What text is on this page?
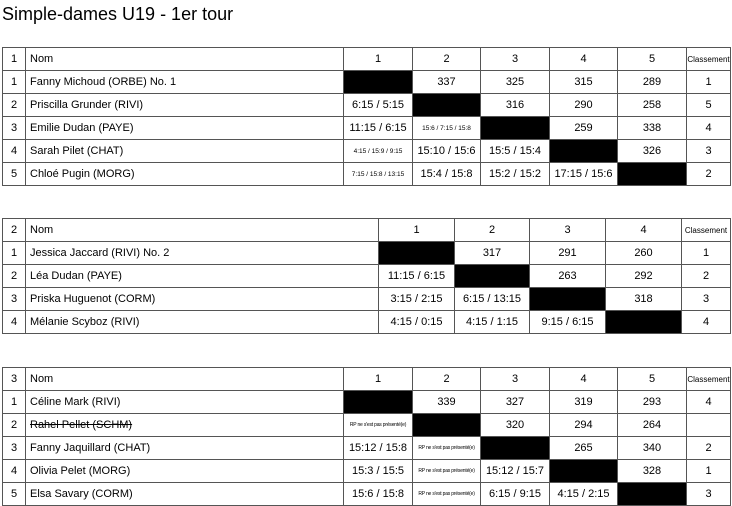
Simple-dames U19 - 1er tour
1	Nom	1	2	3	4	5	Classement
1	Fanny Michoud (ORBE) No. 1		337	325	315	289	1
2	Priscilla Grunder (RIVI)	6:15 / 5:15		316	290	258	5
3	Emilie Dudan (PAYE)	11:15 / 6:15	15:6 / 7:15 / 15:8		259	338	4
4	Sarah Pilet (CHAT)	4:15 / 15:9 / 9:15	15:10 / 15:6	15:5 / 15:4		326	3
5	Chloé Pugin (MORG)	7:15 / 15:8 / 13:15	15:4 / 15:8	15:2 / 15:2	17:15 / 15:6		2
2	Nom	1	2	3	4	Classement
1	Jessica Jaccard (RIVI) No. 2		317	291	260	1
2	Léa Dudan (PAYE)	11:15 / 6:15		263	292	2
3	Priska Huguenot (CORM)	3:15 / 2:15	6:15 / 13:15		318	3
4	Mélanie Scyboz (RIVI)	4:15 / 0:15	4:15 / 1:15	9:15 / 6:15		4
3	Nom	1	2	3	4	5	Classement
1	Céline Mark (RIVI)		339	327	319	293	4
2	Rahel Pellet (SCHM)	RP ne s'est pas présenté(e)		320	294	264	
3	Fanny Jaquillard (CHAT)	15:12 / 15:8	RP ne s'est pas présenté(e)		265	340	2
4	Olivia Pelet (MORG)	15:3 / 15:5	RP ne s'est pas présenté(e)	15:12 / 15:7		328	1
5	Elsa Savary (CORM)	15:6 / 15:8	RP ne s'est pas présenté(e)	6:15 / 9:15	4:15 / 2:15		3
